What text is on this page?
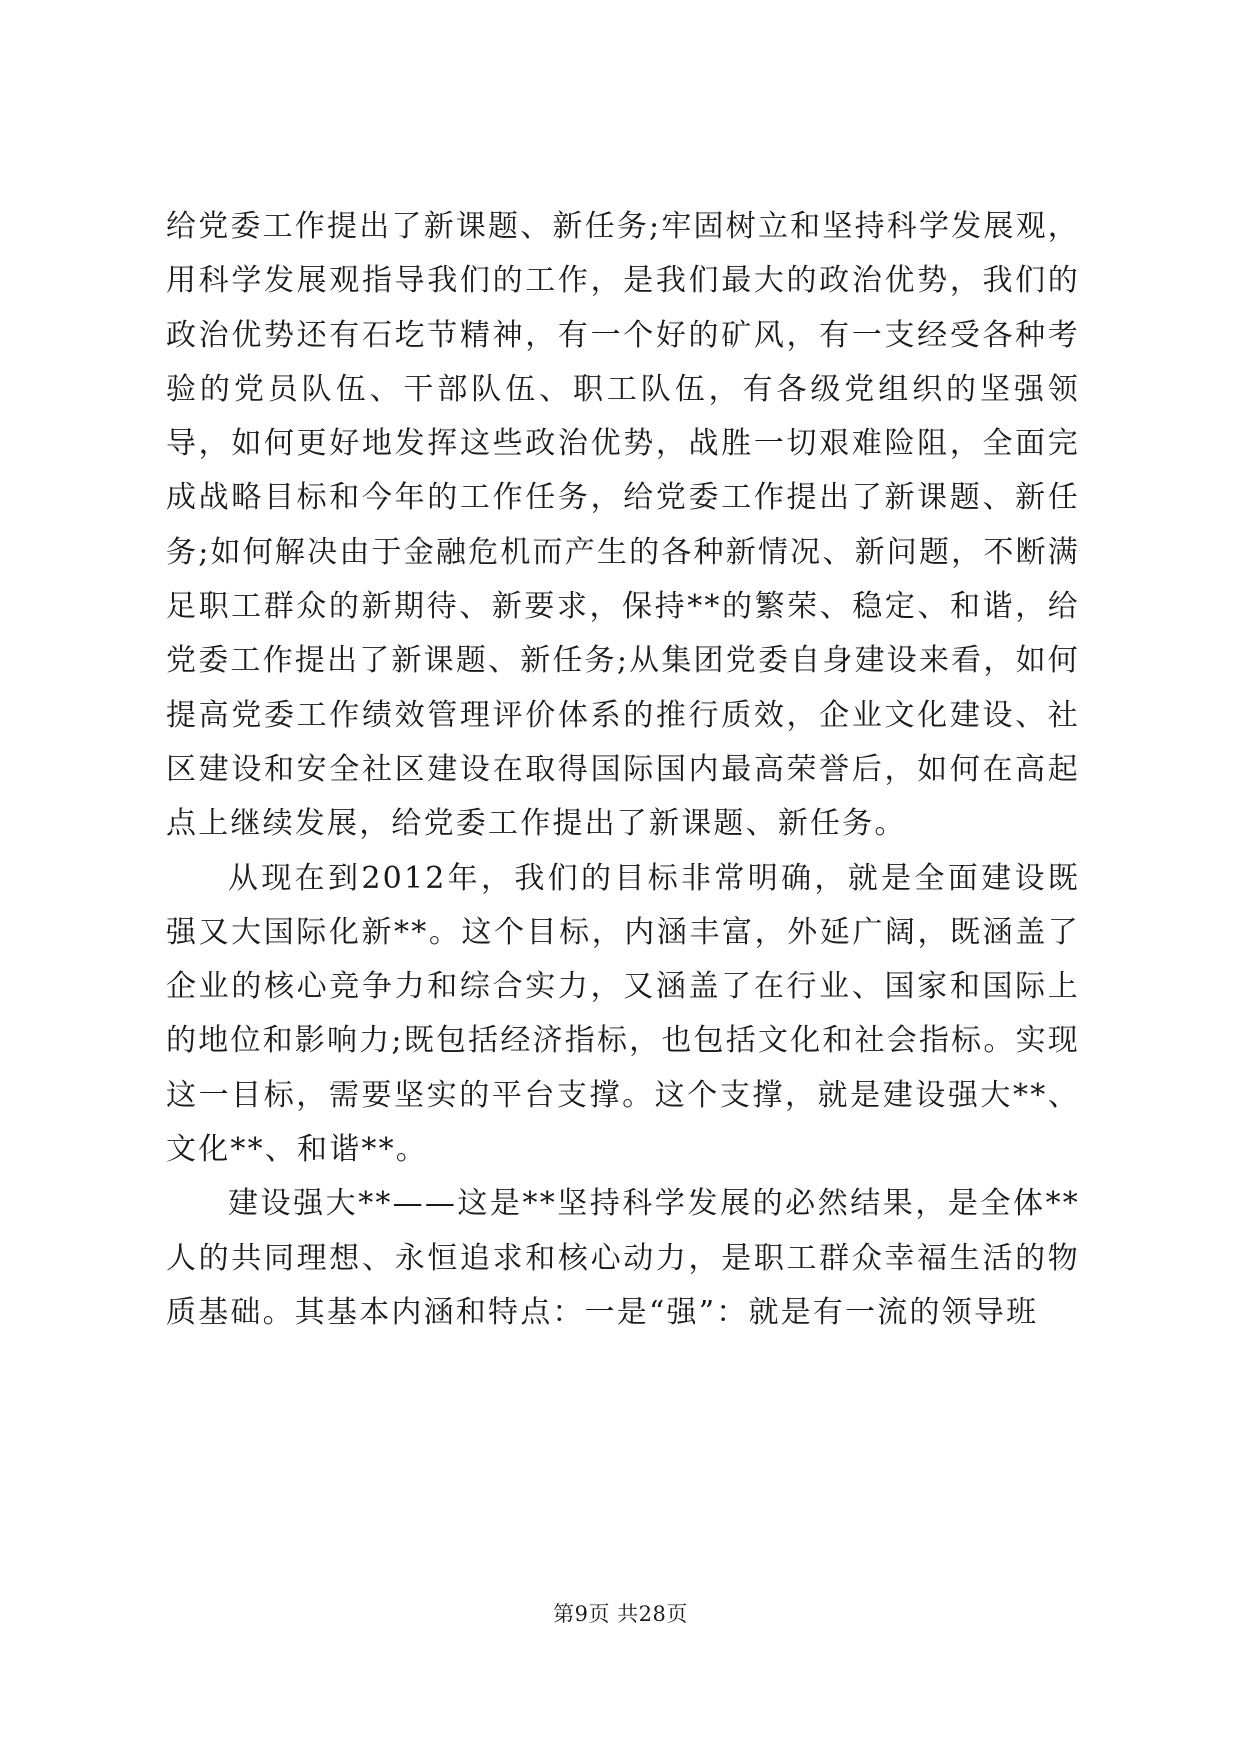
给党委工作提出了新课题、新任务;牢固树立和坚持科学发展观，用科学发展观指导我们的工作，是我们最大的政治优势，我们的政治优势还有石圪节精神，有一个好的矿风，有一支经受各种考验的党员队伍、干部队伍、职工队伍，有各级党组织的坚强领导，如何更好地发挥这些政治优势，战胜一切艰难险阻，全面完成战略目标和今年的工作任务，给党委工作提出了新课题、新任务;如何解决由于金融危机而产生的各种新情况、新问题，不断满足职工群众的新期待、新要求，保持**的繁荣、稳定、和谐，给党委工作提出了新课题、新任务;从集团党委自身建设来看，如何提高党委工作绩效管理评价体系的推行质效，企业文化建设、社区建设和安全社区建设在取得国际国内最高荣誉后，如何在高起点上继续发展，给党委工作提出了新课题、新任务。

从现在到2012年，我们的目标非常明确，就是全面建设既强又大国际化新**。这个目标，内涵丰富，外延广阔，既涵盖了企业的核心竞争力和综合实力，又涵盖了在行业、国家和国际上的地位和影响力;既包括经济指标，也包括文化和社会指标。实现这一目标，需要坚实的平台支撑。这个支撑，就是建设强大**、文化**、和谐**。

建设强大**——这是**坚持科学发展的必然结果，是全体**人的共同理想、永恒追求和核心动力，是职工群众幸福生活的物质基础。其基本内涵和特点：一是“强”：就是有一流的领导班

第9页 共28页
